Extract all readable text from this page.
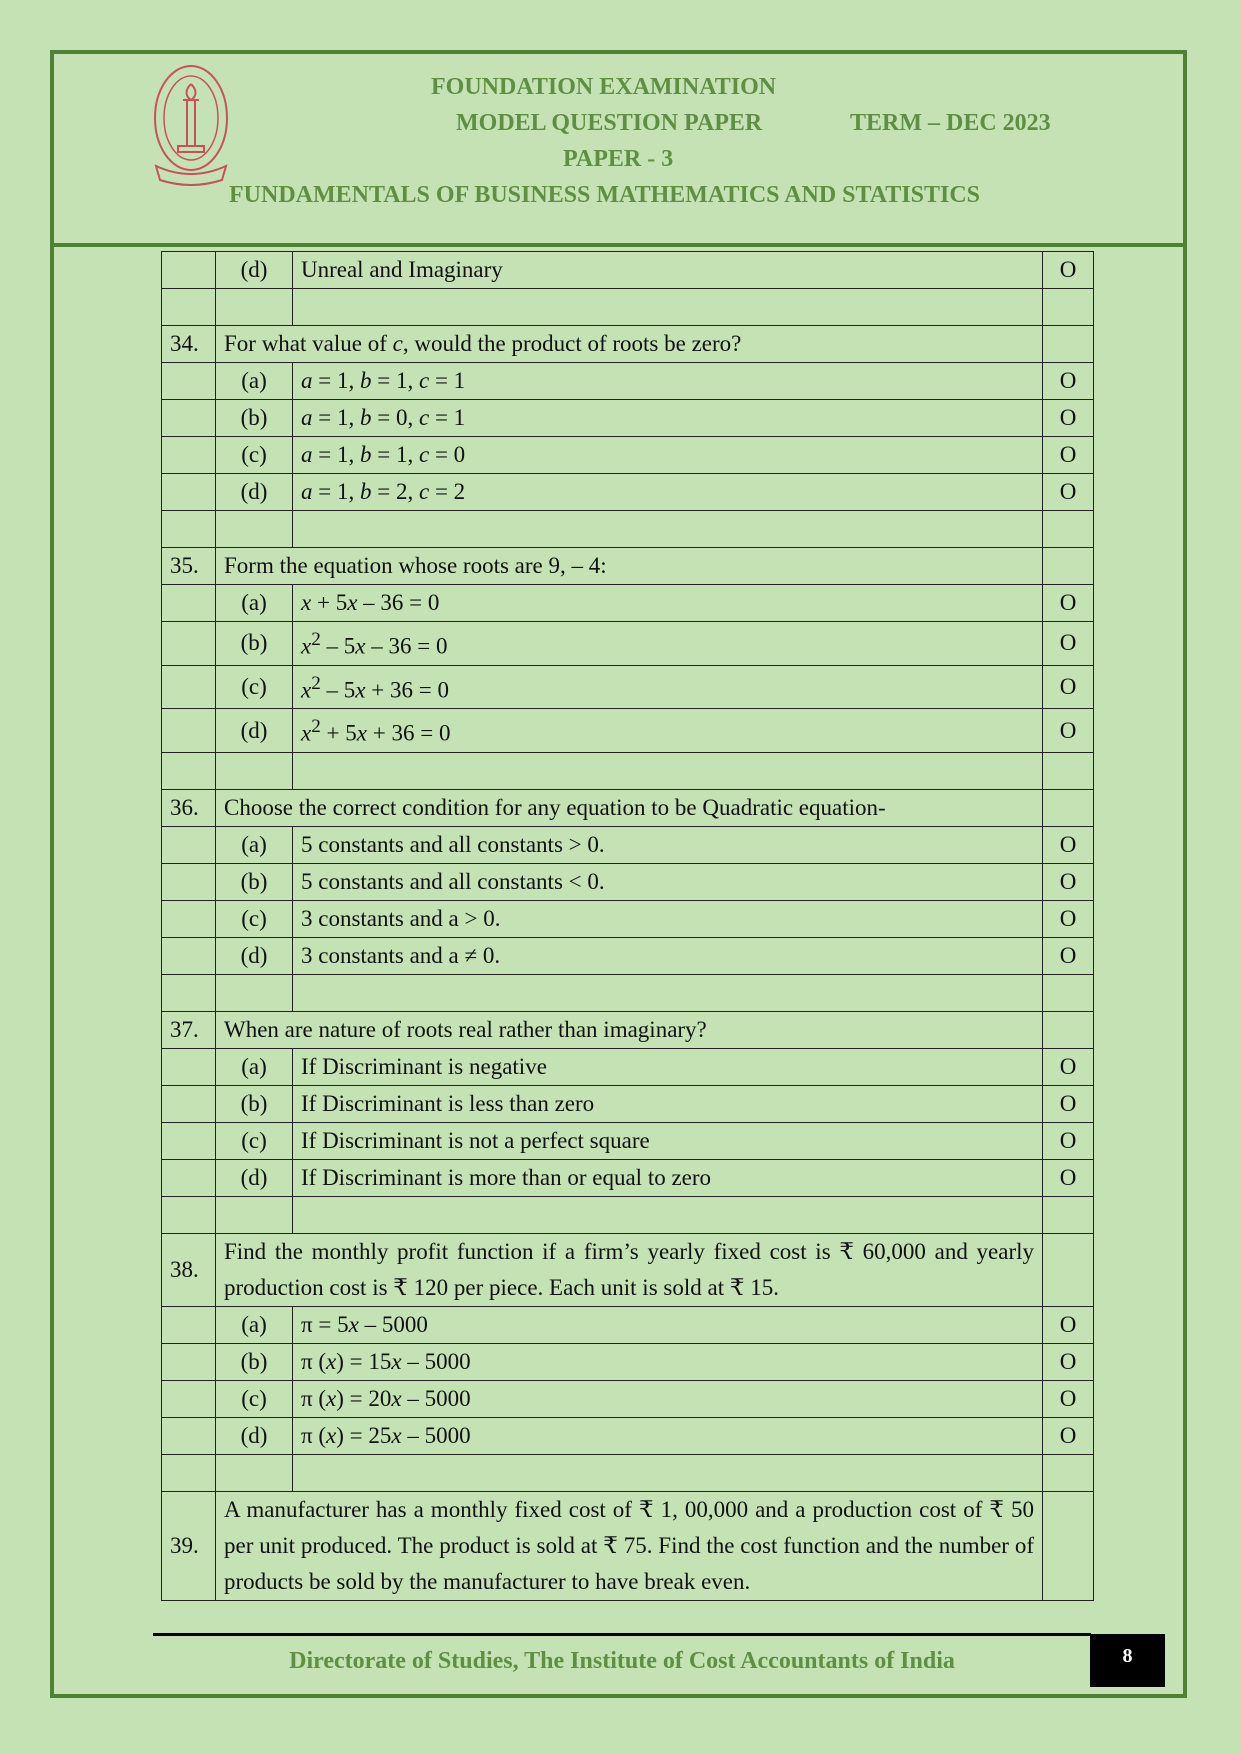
FOUNDATION EXAMINATION
MODEL QUESTION PAPER	TERM – DEC 2023
PAPER - 3
FUNDAMENTALS OF BUSINESS MATHEMATICS AND STATISTICS
	(d)	Unreal and Imaginary	O

34.	For what value of c, would the product of roots be zero?		
	(a)	a = 1, b = 1, c = 1	O
	(b)	a = 1, b = 0, c = 1	O
	(c)	a = 1, b = 1, c = 0	O
	(d)	a = 1, b = 2, c = 2	O

35.	Form the equation whose roots are 9, – 4:		
	(a)	x + 5x – 36 = 0	O
	(b)	$x^2 - 5x - 36 = 0$	O
	(c)	$x^2 - 5x + 36 = 0$	O
	(d)	$x^2 + 5x + 36 = 0$	O

36.	Choose the correct condition for any equation to be Quadratic equation-		
	(a)	5 constants and all constants > 0.	O
	(b)	5 constants and all constants < 0.	O
	(c)	3 constants and a > 0.	O
	(d)	3 constants and a ≠ 0.	O

37.	When are nature of roots real rather than imaginary?		
	(a)	If Discriminant is negative	O
	(b)	If Discriminant is less than zero	O
	(c)	If Discriminant is not a perfect square	O
	(d)	If Discriminant is more than or equal to zero	O

38.	Find the monthly profit function if a firm’s yearly fixed cost is ₹ 60,000 and yearly production cost is ₹ 120 per piece. Each unit is sold at ₹ 15.		
	(a)	π = 5x – 5000	O
	(b)	π (x) = 15x – 5000	O
	(c)	π (x) = 20x – 5000	O
	(d)	π (x) = 25x – 5000	O

39.	A manufacturer has a monthly fixed cost of ₹ 1, 00,000 and a production cost of ₹ 50 per unit produced. The product is sold at ₹ 75. Find the cost function and the number of products be sold by the manufacturer to have break even.		
Directorate of Studies, The Institute of Cost Accountants of India	8
